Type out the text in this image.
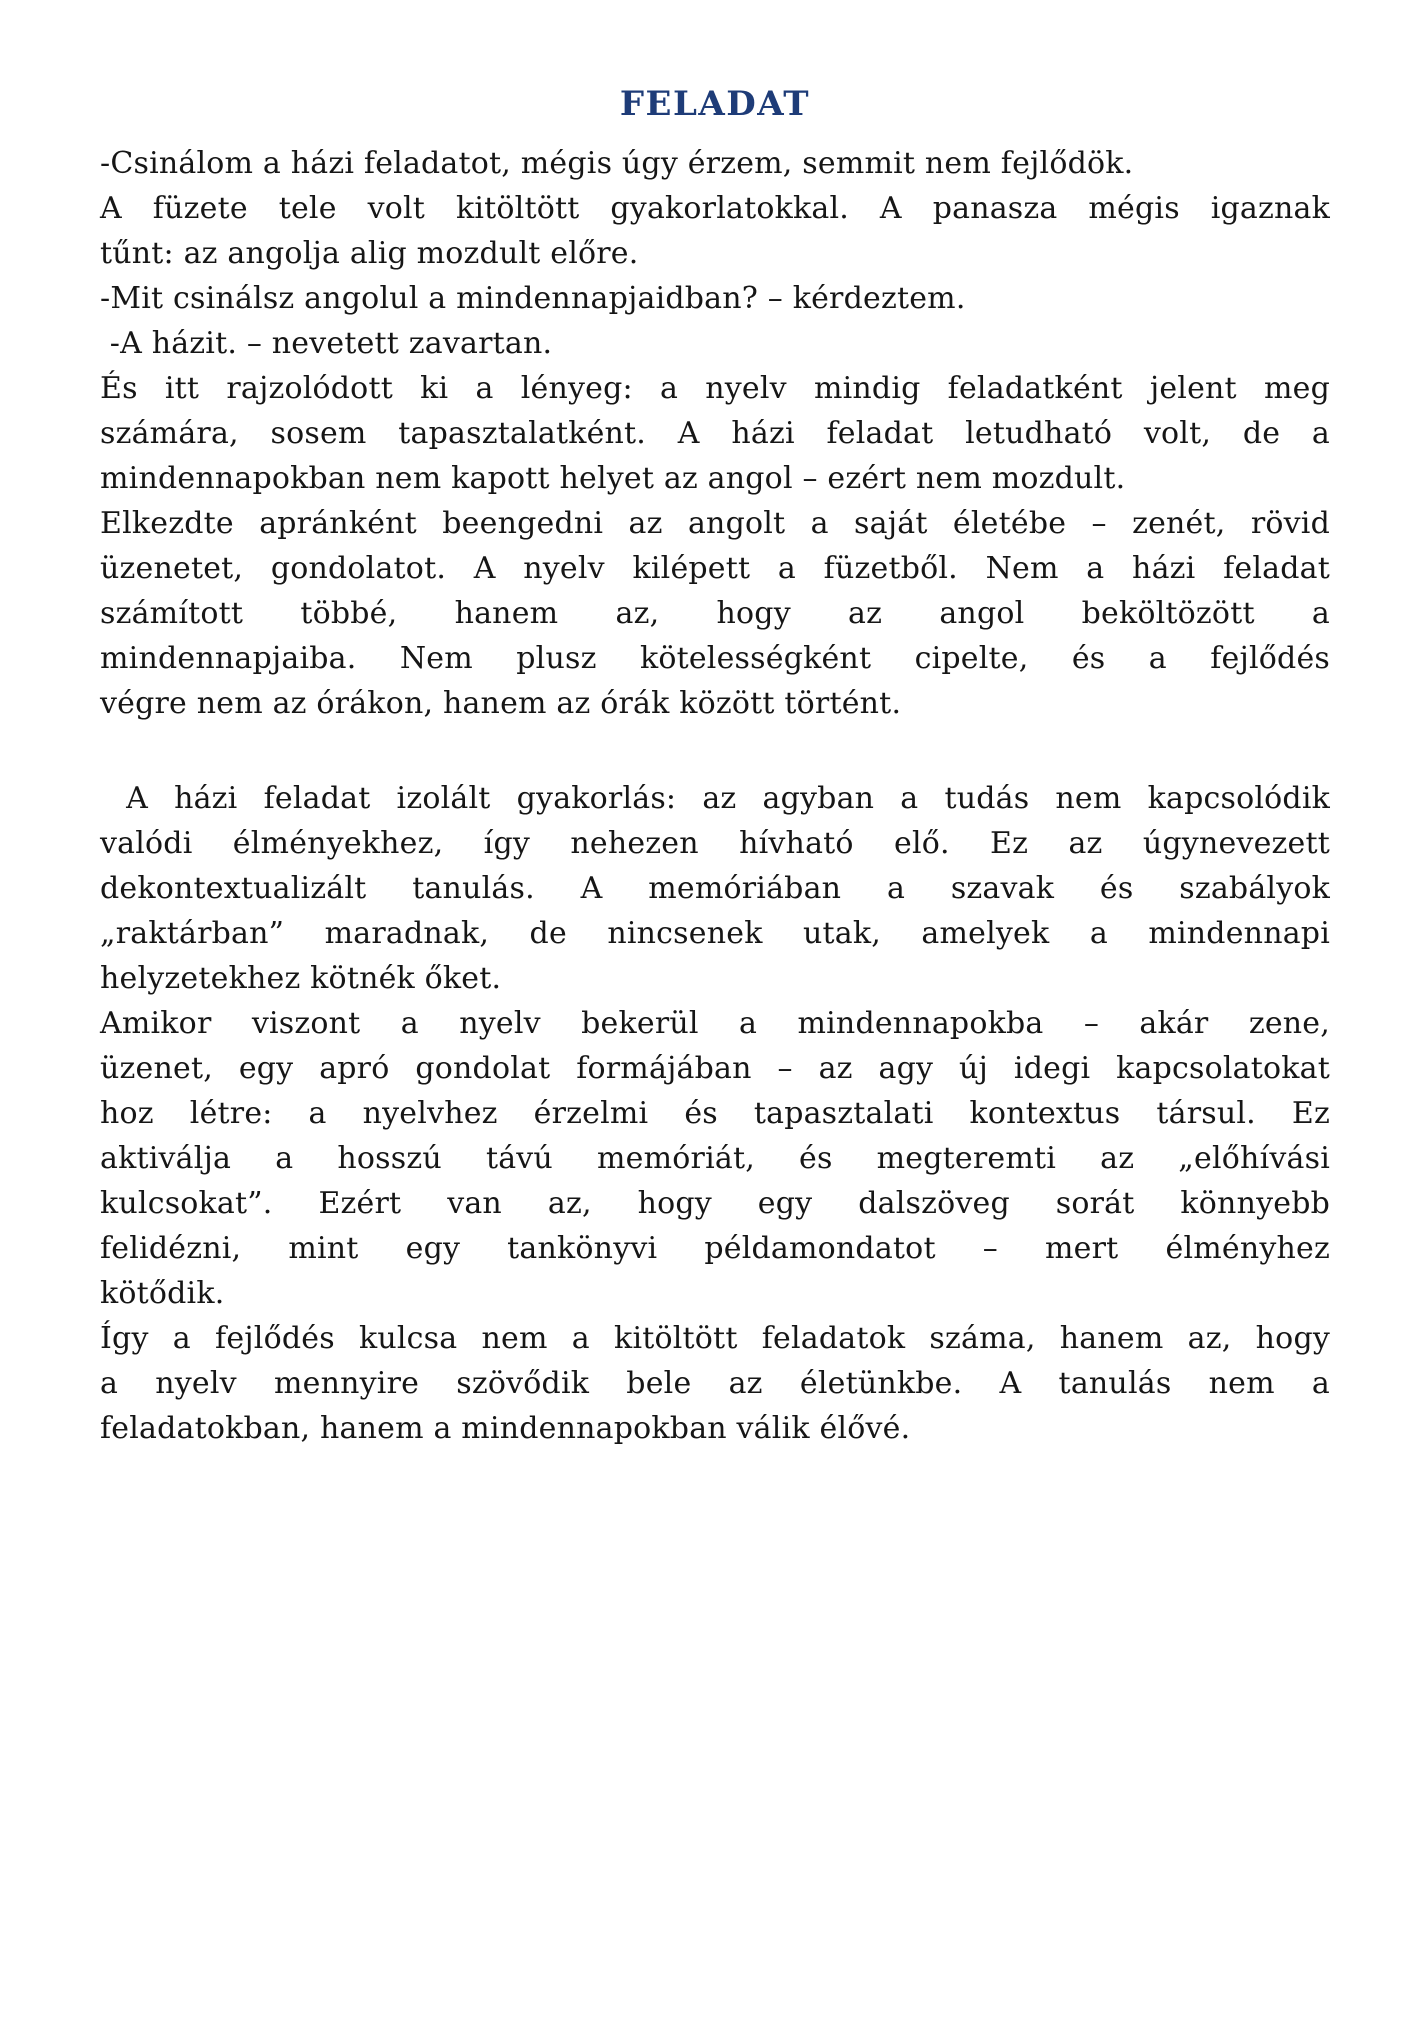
FELADAT
-Csinálom a házi feladatot, mégis úgy érzem, semmit nem fejlődök.
A füzete tele volt kitöltött gyakorlatokkal. A panasza mégis igaznak
tűnt: az angolja alig mozdult előre.
-Mit csinálsz angolul a mindennapjaidban? – kérdeztem.
-A házit. – nevetett zavartan.
És itt rajzolódott ki a lényeg: a nyelv mindig feladatként jelent meg
számára, sosem tapasztalatként. A házi feladat letudható volt, de a
mindennapokban nem kapott helyet az angol – ezért nem mozdult.
Elkezdte apránként beengedni az angolt a saját életébe – zenét, rövid
üzenetet, gondolatot. A nyelv kilépett a füzetből. Nem a házi feladat
számított többé, hanem az, hogy az angol beköltözött a
mindennapjaiba. Nem plusz kötelességként cipelte, és a fejlődés
végre nem az órákon, hanem az órák között történt.
A házi feladat izolált gyakorlás: az agyban a tudás nem kapcsolódik
valódi élményekhez, így nehezen hívható elő. Ez az úgynevezett
dekontextualizált tanulás. A memóriában a szavak és szabályok
„raktárban” maradnak, de nincsenek utak, amelyek a mindennapi
helyzetekhez kötnék őket.
Amikor viszont a nyelv bekerül a mindennapokba – akár zene,
üzenet, egy apró gondolat formájában – az agy új idegi kapcsolatokat
hoz létre: a nyelvhez érzelmi és tapasztalati kontextus társul. Ez
aktiválja a hosszú távú memóriát, és megteremti az „előhívási
kulcsokat”. Ezért van az, hogy egy dalszöveg sorát könnyebb
felidézni, mint egy tankönyvi példamondatot – mert élményhez
kötődik.
Így a fejlődés kulcsa nem a kitöltött feladatok száma, hanem az, hogy
a nyelv mennyire szövődik bele az életünkbe. A tanulás nem a
feladatokban, hanem a mindennapokban válik élővé.
